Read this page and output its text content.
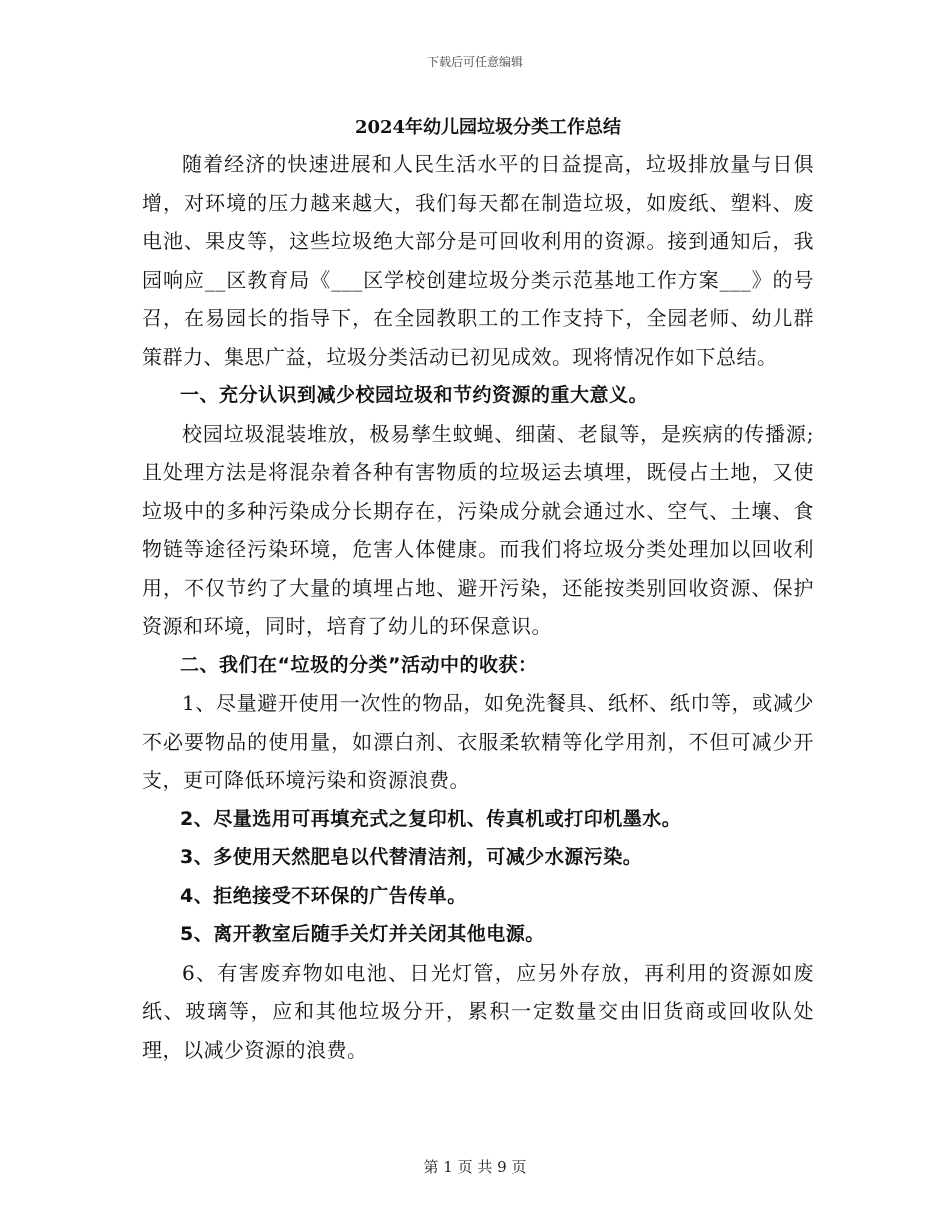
下载后可任意编辑
2024年幼儿园垃圾分类工作总结

随着经济的快速进展和人民生活水平的日益提高，垃圾排放量与日俱增，对环境的压力越来越大，我们每天都在制造垃圾，如废纸、塑料、废电池、果皮等，这些垃圾绝大部分是可回收利用的资源。接到通知后，我园响应__区教育局《___区学校创建垃圾分类示范基地工作方案___》的号召，在易园长的指导下，在全园教职工的工作支持下，全园老师、幼儿群策群力、集思广益，垃圾分类活动已初见成效。现将情况作如下总结。

一、充分认识到减少校园垃圾和节约资源的重大意义。

校园垃圾混装堆放，极易孳生蚊蝇、细菌、老鼠等，是疾病的传播源;且处理方法是将混杂着各种有害物质的垃圾运去填埋，既侵占土地，又使垃圾中的多种污染成分长期存在，污染成分就会通过水、空气、土壤、食物链等途径污染环境，危害人体健康。而我们将垃圾分类处理加以回收利用，不仅节约了大量的填埋占地、避开污染，还能按类别回收资源、保护资源和环境，同时，培育了幼儿的环保意识。

二、我们在“垃圾的分类”活动中的收获：

1、尽量避开使用一次性的物品，如免洗餐具、纸杯、纸巾等，或减少不必要物品的使用量，如漂白剂、衣服柔软精等化学用剂，不但可减少开支，更可降低环境污染和资源浪费。

2、尽量选用可再填充式之复印机、传真机或打印机墨水。

3、多使用天然肥皂以代替清洁剂，可减少水源污染。

4、拒绝接受不环保的广告传单。

5、离开教室后随手关灯并关闭其他电源。

6、有害废弃物如电池、日光灯管，应另外存放，再利用的资源如废纸、玻璃等，应和其他垃圾分开，累积一定数量交由旧货商或回收队处理，以减少资源的浪费。

第 1 页 共 9 页
